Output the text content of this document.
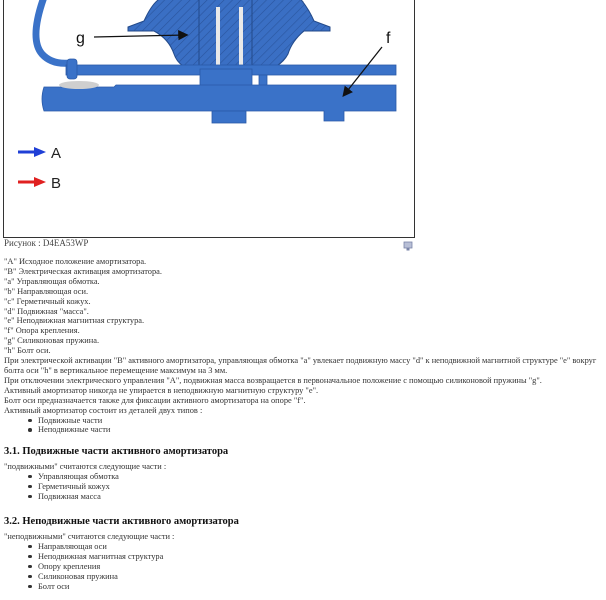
g	f
A
B
Рисунок : D4EA53WP

"A" Исходное положение амортизатора.

"B" Электрическая активация амортизатора.

"a" Управляющая обмотка.

"b" Направляющая оси.

"c" Герметичный кожух.

"d" Подвижная "масса".

"e" Неподвижная магнитная структура.

"f" Опора крепления.

"g" Силиконовая пружина.

"h" Болт оси.

При электрической активации "B" активного амортизатора, управляющая обмотка "a" увлекает подвижную массу "d" к неподвижной магнитной структуре "e" вокруг болта оси "h" в вертикальное перемещение максимум на 3 мм.

При отключении электрического управления "A", подвижная масса возвращается в первоначальное положение с помощью силиконовой пружины "g".

Активный амортизатор никогда не упирается в неподвижную магнитную структуру "e".

Болт оси предназначается также для фиксации активного амортизатора на опоре "f".

Активный амортизатор состоит из деталей двух типов :

Подвижные части
Неподвижные части
3.1. Подвижные части активного амортизатора

"подвижными" считаются следующие части :

Управляющая обмотка
Герметичный кожух
Подвижная масса
3.2. Неподвижные части активного амортизатора

"неподвижными" считаются следующие части :

Направляющая оси
Неподвижная магнитная структура
Опору крепления
Силиконовая пружина
Болт оси
